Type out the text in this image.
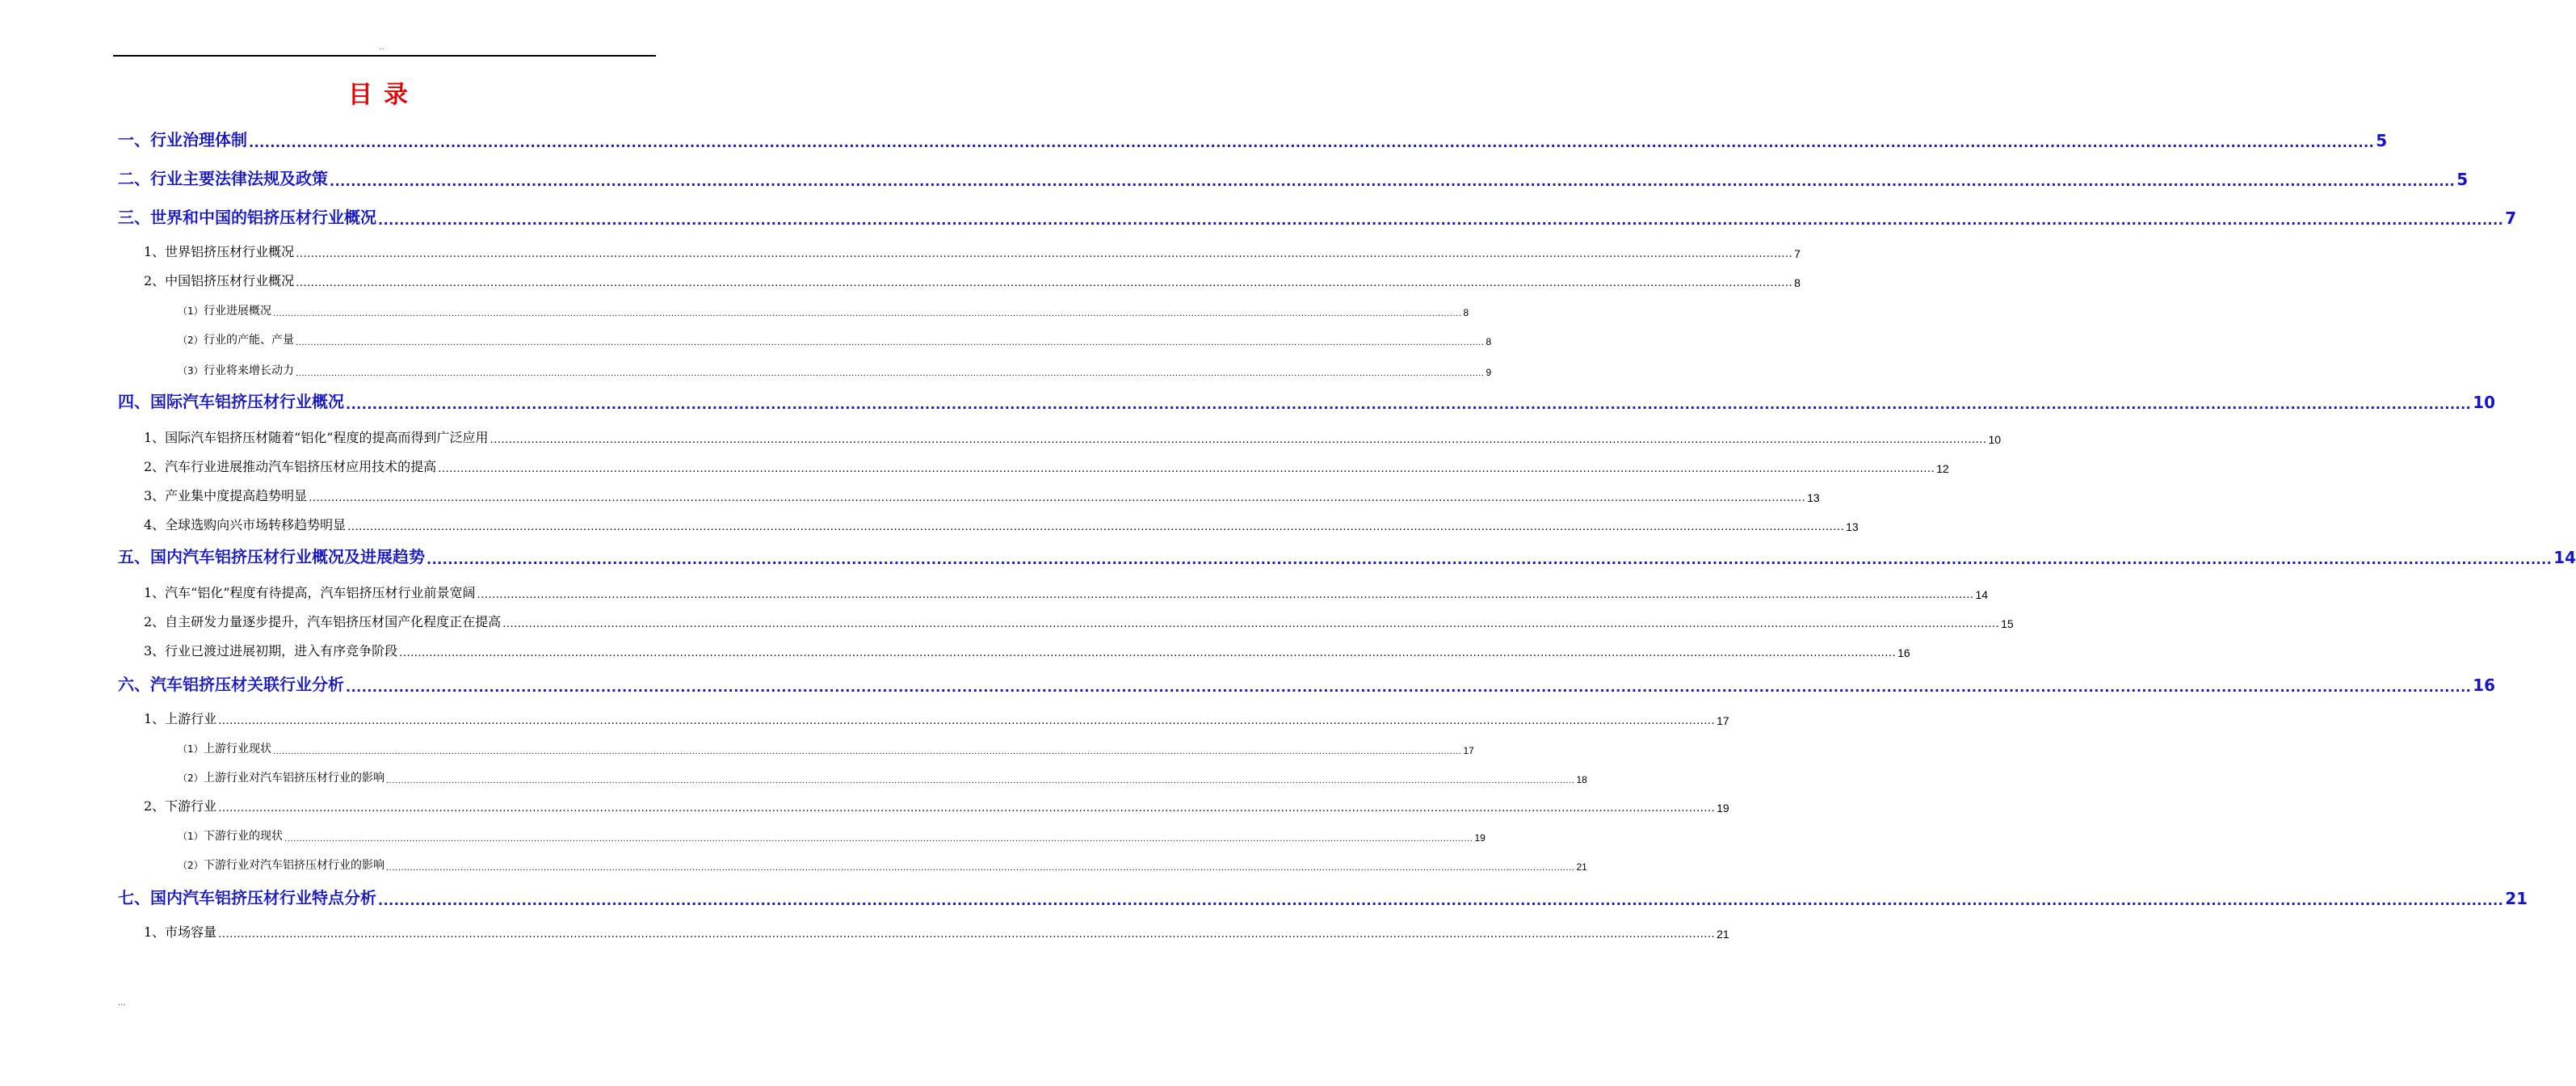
..
目录
一、行业治理体制 ................................................................................................................................................................................................................................................................................................................................................................................................................ 5
二、行业主要法律法规及政策 ................................................................................................................................................................................................................................................................................................................................................................................................................ 5
三、世界和中国的铝挤压材行业概况 ................................................................................................................................................................................................................................................................................................................................................................................................................ 7
1、世界铝挤压材行业概况 ................................................................................................................................................................................................................................................................................................................................................................................................................ 7
2、中国铝挤压材行业概况 ................................................................................................................................................................................................................................................................................................................................................................................................................ 8
（1）行业进展概况 ................................................................................................................................................................................................................................................................................................................................................................................................................ 8
（2）行业的产能、产量 ................................................................................................................................................................................................................................................................................................................................................................................................................ 8
（3）行业将来增长动力 ................................................................................................................................................................................................................................................................................................................................................................................................................ 9
四、国际汽车铝挤压材行业概况 ................................................................................................................................................................................................................................................................................................................................................................................................................ 10
1、国际汽车铝挤压材随着“铝化”程度的提高而得到广泛应用 ................................................................................................................................................................................................................................................................................................................................................................................................................ 10
2、汽车行业进展推动汽车铝挤压材应用技术的提高 ................................................................................................................................................................................................................................................................................................................................................................................................................ 12
3、产业集中度提高趋势明显 ................................................................................................................................................................................................................................................................................................................................................................................................................ 13
4、全球选购向兴市场转移趋势明显 ................................................................................................................................................................................................................................................................................................................................................................................................................ 13
五、国内汽车铝挤压材行业概况及进展趋势 ................................................................................................................................................................................................................................................................................................................................................................................................................ 14
1、汽车“铝化”程度有待提高，汽车铝挤压材行业前景宽阔 ................................................................................................................................................................................................................................................................................................................................................................................................................ 14
2、自主研发力量逐步提升，汽车铝挤压材国产化程度正在提高 ................................................................................................................................................................................................................................................................................................................................................................................................................ 15
3、行业已渡过进展初期，进入有序竞争阶段 ................................................................................................................................................................................................................................................................................................................................................................................................................ 16
六、汽车铝挤压材关联行业分析 ................................................................................................................................................................................................................................................................................................................................................................................................................ 16
1、上游行业 ................................................................................................................................................................................................................................................................................................................................................................................................................ 17
（1）上游行业现状 ................................................................................................................................................................................................................................................................................................................................................................................................................ 17
（2）上游行业对汽车铝挤压材行业的影响 ................................................................................................................................................................................................................................................................................................................................................................................................................ 18
2、下游行业 ................................................................................................................................................................................................................................................................................................................................................................................................................ 19
（1）下游行业的现状 ................................................................................................................................................................................................................................................................................................................................................................................................................ 19
（2）下游行业对汽车铝挤压材行业的影响 ................................................................................................................................................................................................................................................................................................................................................................................................................ 21
七、国内汽车铝挤压材行业特点分析 ................................................................................................................................................................................................................................................................................................................................................................................................................ 21
1、市场容量 ................................................................................................................................................................................................................................................................................................................................................................................................................ 21
...
